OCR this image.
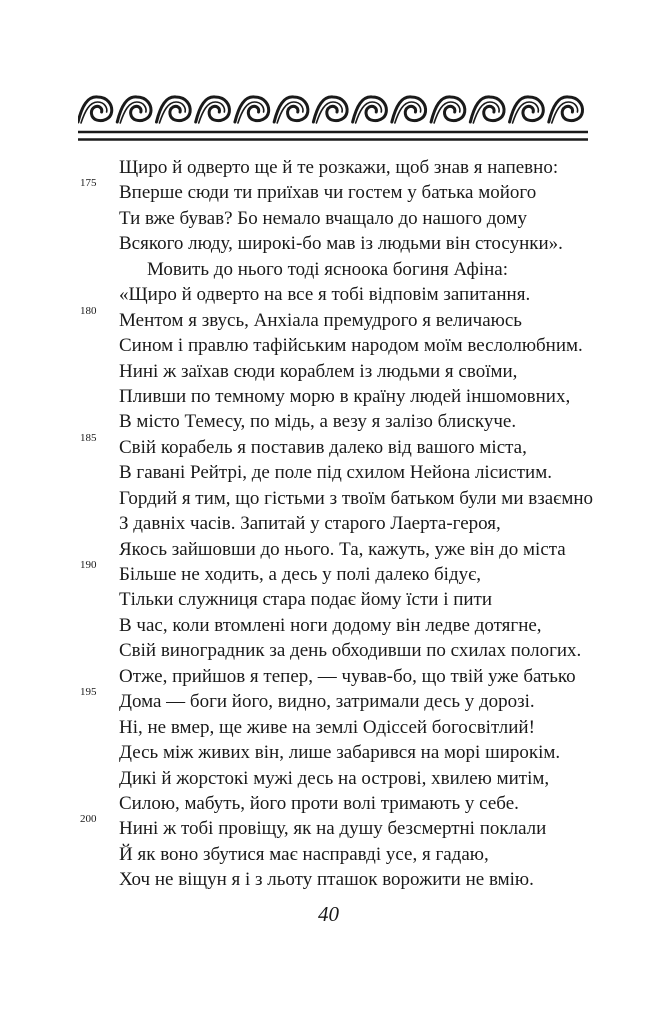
Щиро й одверто ще й те розкажи, щоб знав я напевно:
175 Вперше сюди ти приїхав чи гостем у батька мойого
Ти вже бував? Бо немало вчащало до нашого дому
Всякого люду, широкі-бо мав із людьми він стосунки».
Мовить до нього тоді ясноока богиня Афіна:
«Щиро й одверто на все я тобі відповім запитання.
180 Ментом я звусь, Анхіала премудрого я величаюсь
Сином і правлю тафійським народом моїм веслолюбним.
Нині ж заїхав сюди кораблем із людьми я своїми,
Пливши по темному морю в країну людей іншомовних,
В місто Темесу, по мідь, а везу я залізо блискуче.
185 Свій корабель я поставив далеко від вашого міста,
В гавані Рейтрі, де поле під схилом Нейона лісистим.
Гордий я тим, що гістьми з твоїм батьком були ми взаємно
З давніх часів. Запитай у старого Лаерта-героя,
Якось зайшовши до нього. Та, кажуть, уже він до міста
190 Більше не ходить, а десь у полі далеко бідує,
Тільки служниця стара подає йому їсти і пити
В час, коли втомлені ноги додому він ледве дотягне,
Свій виноградник за день обходивши по схилах пологих.
Отже, прийшов я тепер, — чував-бо, що твій уже батько
195 Дома — боги його, видно, затримали десь у дорозі.
Ні, не вмер, ще живе на землі Одіссей богосвітлий!
Десь між живих він, лише забарився на морі широкім.
Дикі й жорстокі мужі десь на острові, хвилею митім,
Силою, мабуть, його проти волі тримають у себе.
200 Нині ж тобі провіщу, як на душу безсмертні поклали
Й як воно збутися має насправді усе, я гадаю,
Хоч не віщун я і з льоту пташок ворожити не вмію.
40
